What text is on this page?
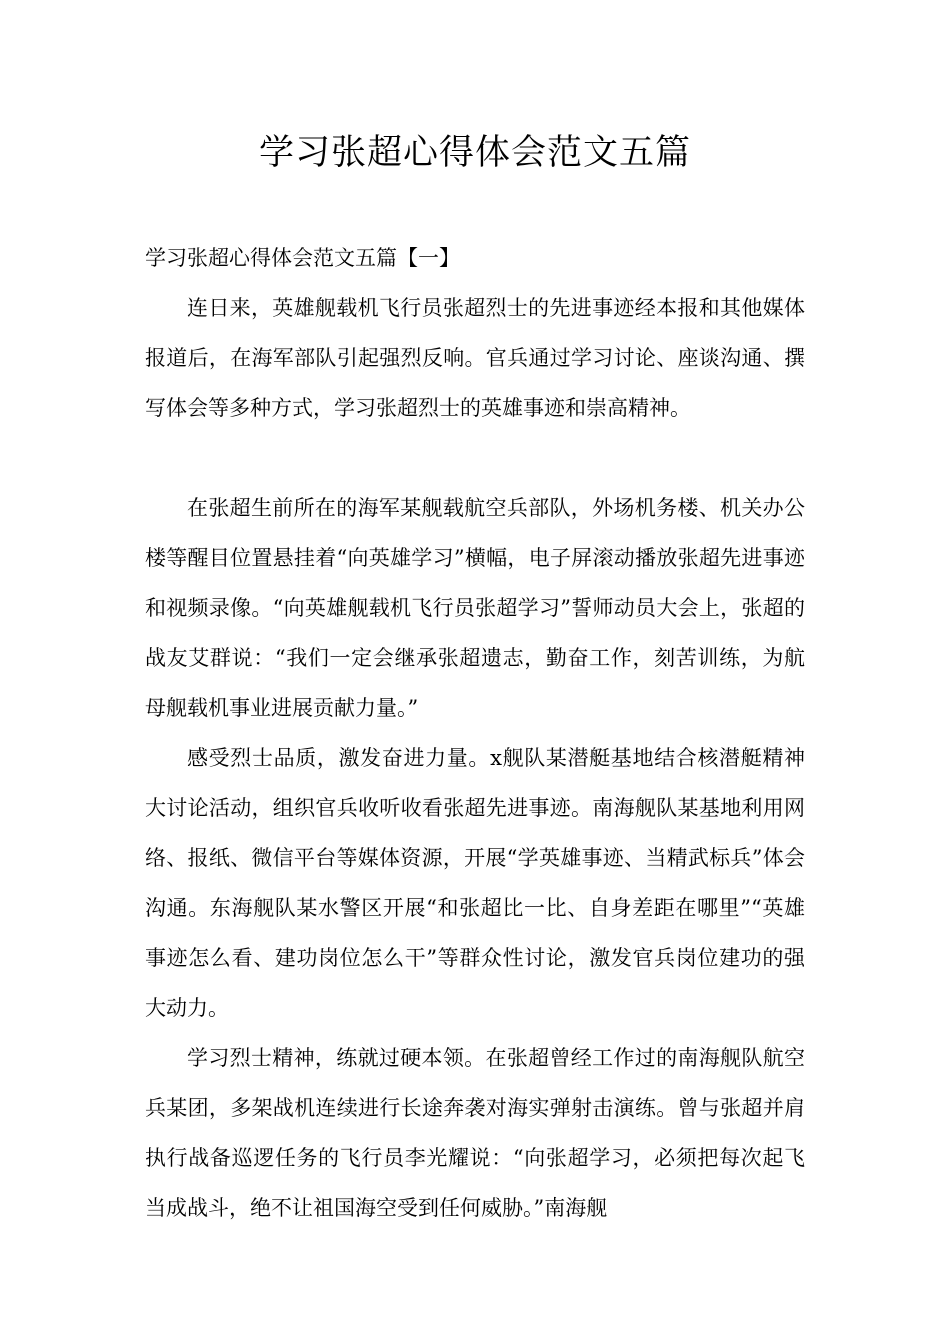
学习张超心得体会范文五篇

学习张超心得体会范文五篇【一】

连日来，英雄舰载机飞行员张超烈士的先进事迹经本报和其他媒体报道后，在海军部队引起强烈反响。官兵通过学习讨论、座谈沟通、撰写体会等多种方式，学习张超烈士的英雄事迹和崇高精神。

在张超生前所在的海军某舰载航空兵部队，外场机务楼、机关办公楼等醒目位置悬挂着“向英雄学习”横幅，电子屏滚动播放张超先进事迹和视频录像。“向英雄舰载机飞行员张超学习”誓师动员大会上，张超的战友艾群说：“我们一定会继承张超遗志，勤奋工作，刻苦训练，为航母舰载机事业进展贡献力量。”

感受烈士品质，激发奋进力量。x舰队某潜艇基地结合核潜艇精神大讨论活动，组织官兵收听收看张超先进事迹。南海舰队某基地利用网络、报纸、微信平台等媒体资源，开展“学英雄事迹、当精武标兵”体会沟通。东海舰队某水警区开展“和张超比一比、自身差距在哪里”“英雄事迹怎么看、建功岗位怎么干”等群众性讨论，激发官兵岗位建功的强大动力。

学习烈士精神，练就过硬本领。在张超曾经工作过的南海舰队航空兵某团，多架战机连续进行长途奔袭对海实弹射击演练。曾与张超并肩执行战备巡逻任务的飞行员李光耀说：“向张超学习，必须把每次起飞当成战斗，绝不让祖国海空受到任何威胁。”南海舰
